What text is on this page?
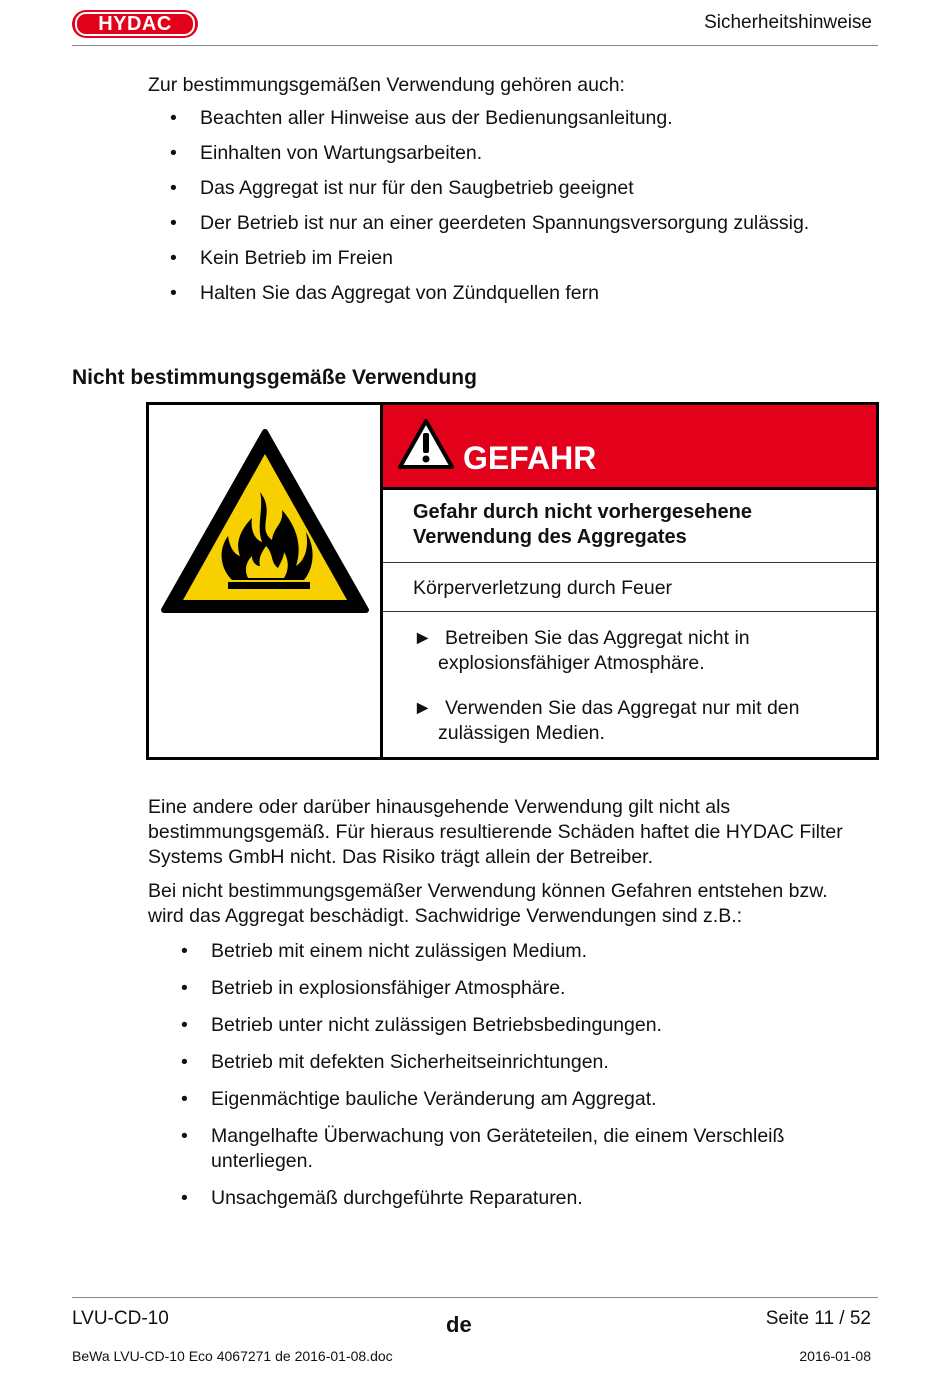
HYDAC	Sicherheitshinweise
Zur bestimmungsgemäßen Verwendung gehören auch:
• Beachten aller Hinweise aus der Bedienungsanleitung.
• Einhalten von Wartungsarbeiten.
• Das Aggregat ist nur für den Saugbetrieb geeignet
• Der Betrieb ist nur an einer geerdeten Spannungsversorgung zulässig.
• Kein Betrieb im Freien
• Halten Sie das Aggregat von Zündquellen fern
Nicht bestimmungsgemäße Verwendung
GEFAHR
Gefahr durch nicht vorhergesehene
Verwendung des Aggregates
Körperverletzung durch Feuer
► Betreiben Sie das Aggregat nicht in
explosionsfähiger Atmosphäre.
► Verwenden Sie das Aggregat nur mit den
zulässigen Medien.
Eine andere oder darüber hinausgehende Verwendung gilt nicht als bestimmungsgemäß. Für hieraus resultierende Schäden haftet die HYDAC Filter Systems GmbH nicht. Das Risiko trägt allein der Betreiber.
Bei nicht bestimmungsgemäßer Verwendung können Gefahren entstehen bzw. wird das Aggregat beschädigt. Sachwidrige Verwendungen sind z.B.:
• Betrieb mit einem nicht zulässigen Medium.
• Betrieb in explosionsfähiger Atmosphäre.
• Betrieb unter nicht zulässigen Betriebsbedingungen.
• Betrieb mit defekten Sicherheitseinrichtungen.
• Eigenmächtige bauliche Veränderung am Aggregat.
• Mangelhafte Überwachung von Geräteteilen, die einem Verschleiß unterliegen.
• Unsachgemäß durchgeführte Reparaturen.
LVU-CD-10	de	Seite 11 / 52
BeWa LVU-CD-10 Eco 4067271 de 2016-01-08.doc	2016-01-08
